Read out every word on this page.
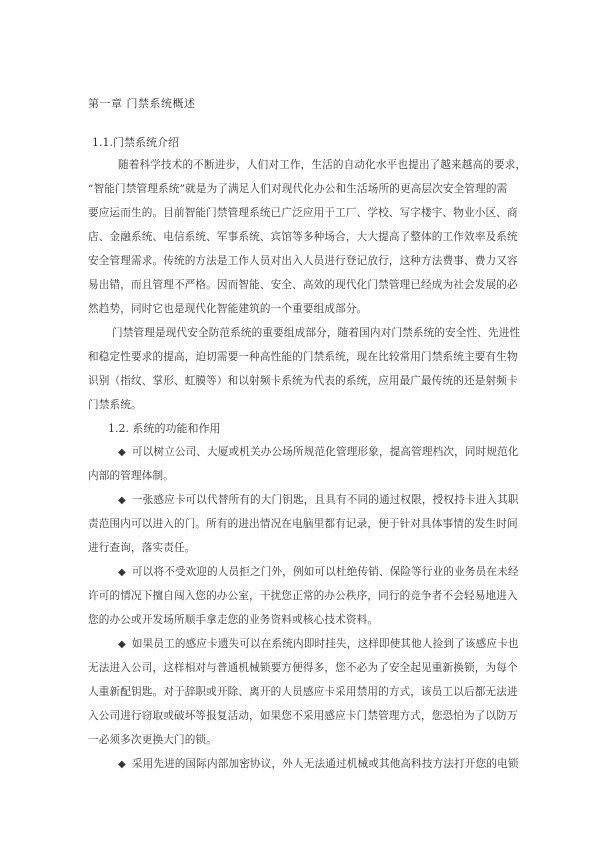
第一章 门禁系统概述
1.1.门禁系统介绍
随着科学技术的不断进步，人们对工作，生活的自动化水平也提出了越来越高的要求，
“智能门禁管理系统”就是为了满足人们对现代化办公和生活场所的更高层次安全管理的需
要应运而生的。目前智能门禁管理系统已广泛应用于工厂、学校、写字楼宇、物业小区、商
店、金融系统、电信系统、军事系统、宾馆等多种场合，大大提高了整体的工作效率及系统
安全管理需求。传统的方法是工作人员对出入人员进行登记放行，这种方法费事、费力又容
易出错，而且管理不严格。因而智能、安全、高效的现代化门禁管理已经成为社会发展的必
然趋势，同时它也是现代化智能建筑的一个重要组成部分。
门禁管理是现代安全防范系统的重要组成部分，随着国内对门禁系统的安全性、先进性
和稳定性要求的提高，迫切需要一种高性能的门禁系统，现在比较常用门禁系统主要有生物
识别（指纹、掌形、虹膜等）和以射频卡系统为代表的系统，应用最广最传统的还是射频卡
门禁系统。
1.2. 系统的功能和作用
◆ 可以树立公司、大厦或机关办公场所规范化管理形象，提高管理档次，同时规范化
内部的管理体制。
◆ 一张感应卡可以代替所有的大门钥匙，且具有不同的通过权限，授权持卡进入其职
责范围内可以进入的门。所有的进出情况在电脑里都有记录，便于针对具体事情的发生时间
进行查询，落实责任。
◆ 可以将不受欢迎的人员拒之门外，例如可以杜绝传销、保险等行业的业务员在未经
许可的情况下擅自闯入您的办公室，干扰您正常的办公秩序，同行的竞争者不会轻易地进入
您的办公或开发场所顺手拿走您的业务资料或核心技术资料。
◆ 如果员工的感应卡遗失可以在系统内即时挂失，这样即使其他人捡到了该感应卡也
无法进入公司，这样相对与普通机械锁要方便得多，您不必为了安全起见重新换锁，为每个
人重新配钥匙。对于辞职或开除、离开的人员感应卡采用禁用的方式，该员工以后都无法进
入公司进行窃取或破坏等报复活动，如果您不采用感应卡门禁管理方式，您恐怕为了以防万
一必须多次更换大门的锁。
◆ 采用先进的国际内部加密协议，外人无法通过机械或其他高科技方法打开您的电锁
